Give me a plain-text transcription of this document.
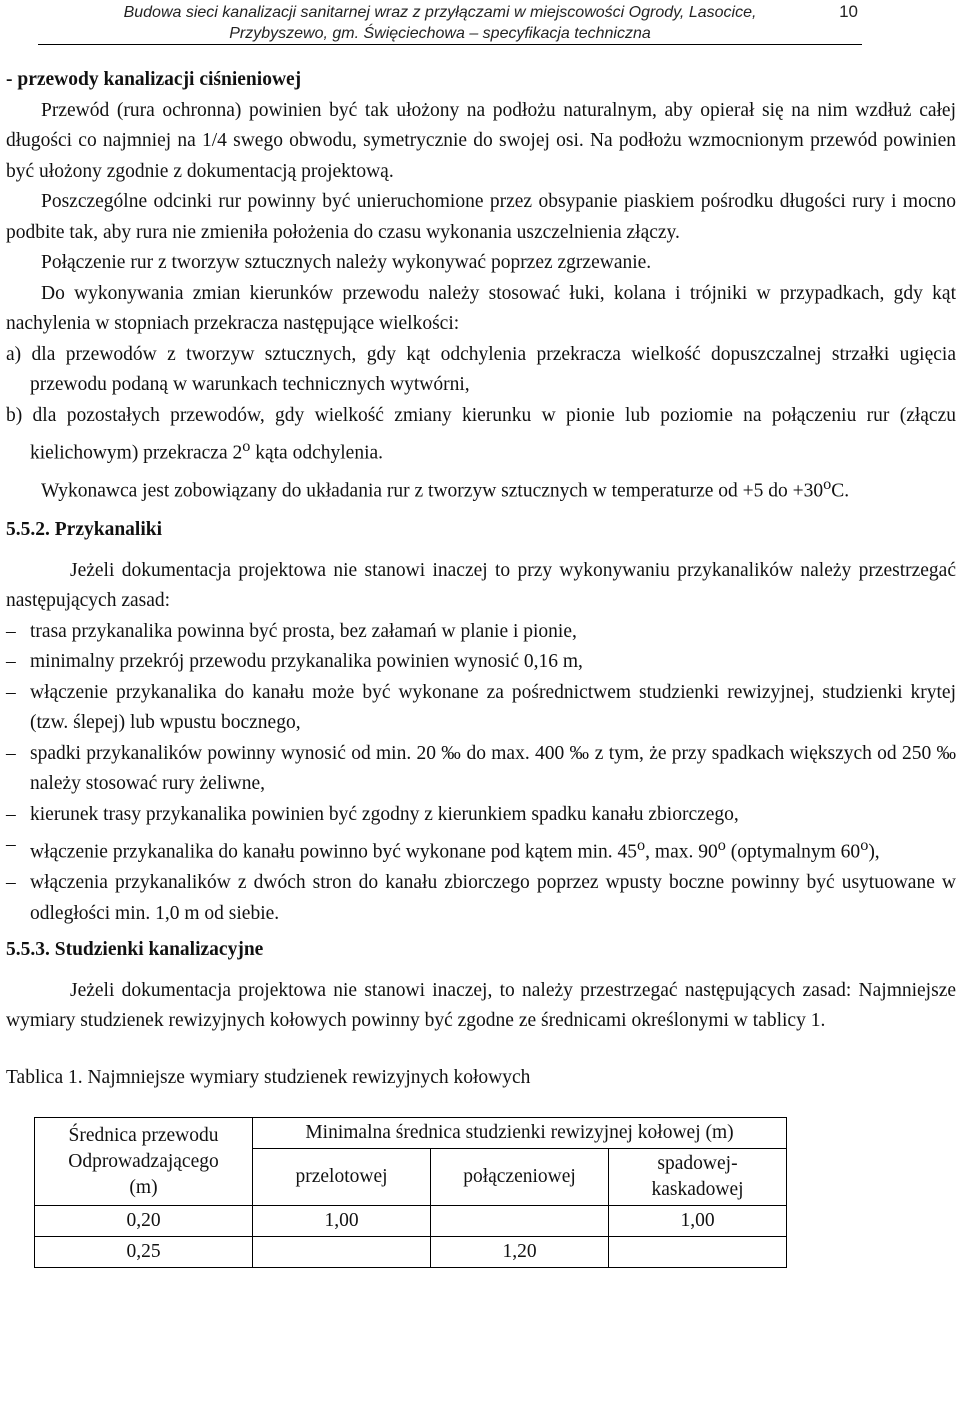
Budowa sieci kanalizacji sanitarnej wraz z przyłączami w miejscowości Ogrody, Lasocice,
Przybyszewo, gm. Święciechowa – specyfikacja techniczna
10

- przewody kanalizacji ciśnieniowej

Przewód (rura ochronna) powinien być tak ułożony na podłożu naturalnym, aby opierał się na nim wzdłuż całej długości co najmniej na 1/4 swego obwodu, symetrycznie do swojej osi. Na podłożu wzmocnionym przewód powinien być ułożony zgodnie z dokumentacją projektową.

Poszczególne odcinki rur powinny być unieruchomione przez obsypanie piaskiem pośrodku długości rury i mocno podbite tak, aby rura nie zmieniła położenia do czasu wykonania uszczelnienia złączy.

Połączenie rur z tworzyw sztucznych należy wykonywać poprzez zgrzewanie.

Do wykonywania zmian kierunków przewodu należy stosować łuki, kolana i trójniki w przypadkach, gdy kąt nachylenia w stopniach przekracza następujące wielkości:

a) dla przewodów z tworzyw sztucznych, gdy kąt odchylenia przekracza wielkość dopuszczalnej strzałki ugięcia przewodu podaną w warunkach technicznych wytwórni,

b) dla pozostałych przewodów, gdy wielkość zmiany kierunku w pionie lub poziomie na połączeniu rur (złączu kielichowym) przekracza 2$^o$ kąta odchylenia.

Wykonawca jest zobowiązany do układania rur z tworzyw sztucznych w temperaturze od +5 do $+30^oC$.

5.5.2. Przykanaliki

Jeżeli dokumentacja projektowa nie stanowi inaczej to przy wykonywaniu przykanalików należy przestrzegać następujących zasad:

– trasa przykanalika powinna być prosta, bez załamań w planie i pionie,
– minimalny przekrój przewodu przykanalika powinien wynosić 0,16 m,
– włączenie przykanalika do kanału może być wykonane za pośrednictwem studzienki rewizyjnej, studzienki krytej (tzw. ślepej) lub wpustu bocznego,
– spadki przykanalików powinny wynosić od min. 20 ‰ do max. 400 ‰ z tym, że przy spadkach większych od 250 ‰ należy stosować rury żeliwne,
– kierunek trasy przykanalika powinien być zgodny z kierunkiem spadku kanału zbiorczego,
– włączenie przykanalika do kanału powinno być wykonane pod kątem min. 45$^o$, max. 90$^o$ (optymalnym 60$^o$),
– włączenia przykanalików z dwóch stron do kanału zbiorczego poprzez wpusty boczne powinny być usytuowane w odległości min. 1,0 m od siebie.

5.5.3. Studzienki kanalizacyjne

Jeżeli dokumentacja projektowa nie stanowi inaczej, to należy przestrzegać następujących zasad: Najmniejsze wymiary studzienek rewizyjnych kołowych powinny być zgodne ze średnicami określonymi w tablicy 1.

Tablica 1. Najmniejsze wymiary studzienek rewizyjnych kołowych

Średnica przewodu
Odprowadzającego
(m)	Minimalna średnica studzienki rewizyjnej kołowej (m)		
	przelotowej	połączeniowej	spadowej-
kaskadowej

0,20	1,00		1,00
0,25		1,20	
